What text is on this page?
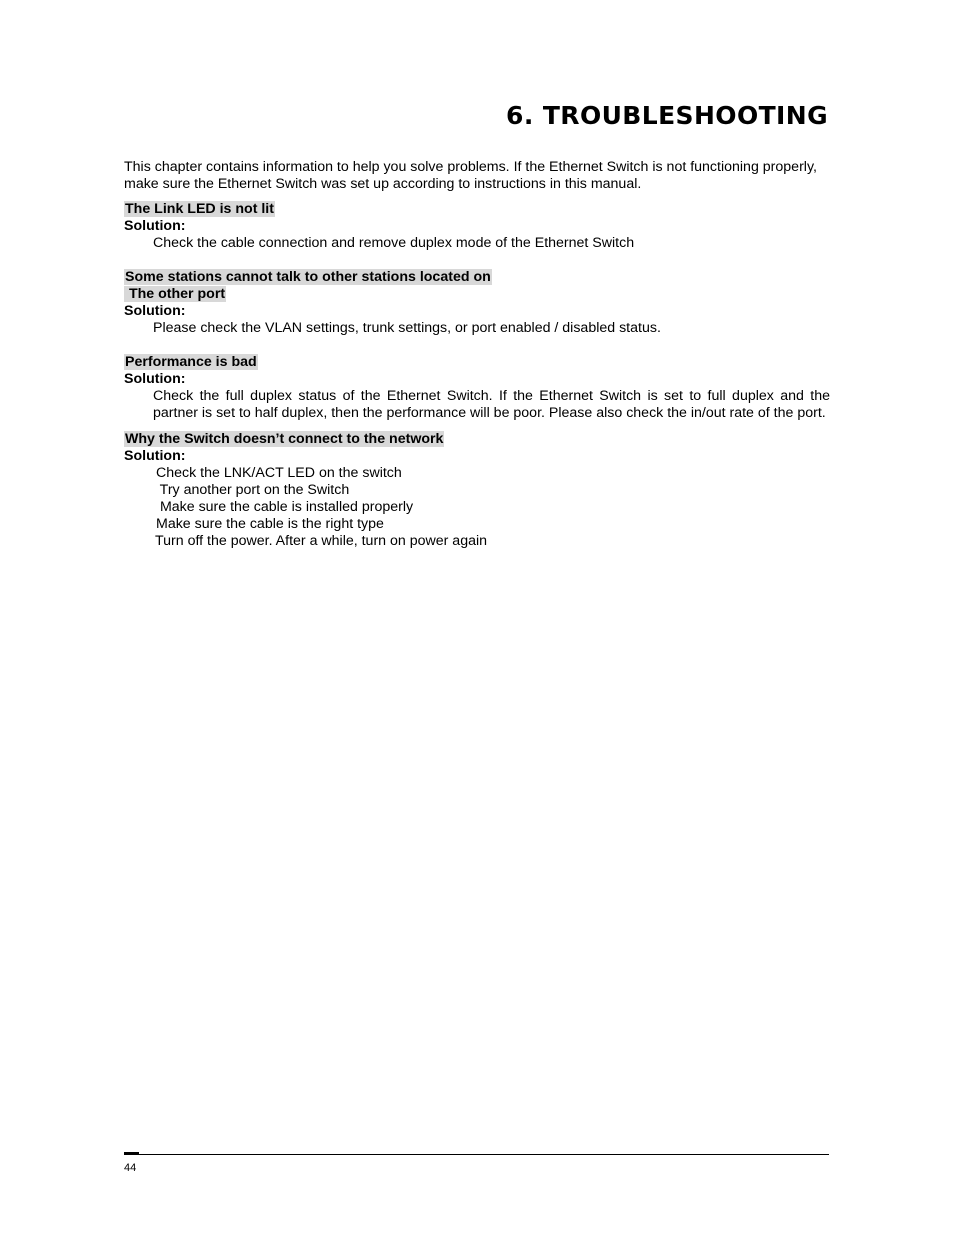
6. TROUBLESHOOTING

This chapter contains information to help you solve problems. If the Ethernet Switch is not functioning properly, make sure the Ethernet Switch was set up according to instructions in this manual.

The Link LED is not lit

Solution:

Check the cable connection and remove duplex mode of the Ethernet Switch

Some stations cannot talk to other stations located on

The other port

Solution:

Please check the VLAN settings, trunk settings, or port enabled / disabled status.

Performance is bad

Solution:

Check the full duplex status of the Ethernet Switch. If the Ethernet Switch is set to full duplex and the partner is set to half duplex, then the performance will be poor. Please also check the in/out rate of the port.

Why the Switch doesn’t connect to the network

Solution:

Check the LNK/ACT LED on the switch

Try another port on the Switch

Make sure the cable is installed properly

Make sure the cable is the right type

Turn off the power. After a while, turn on power again

44
